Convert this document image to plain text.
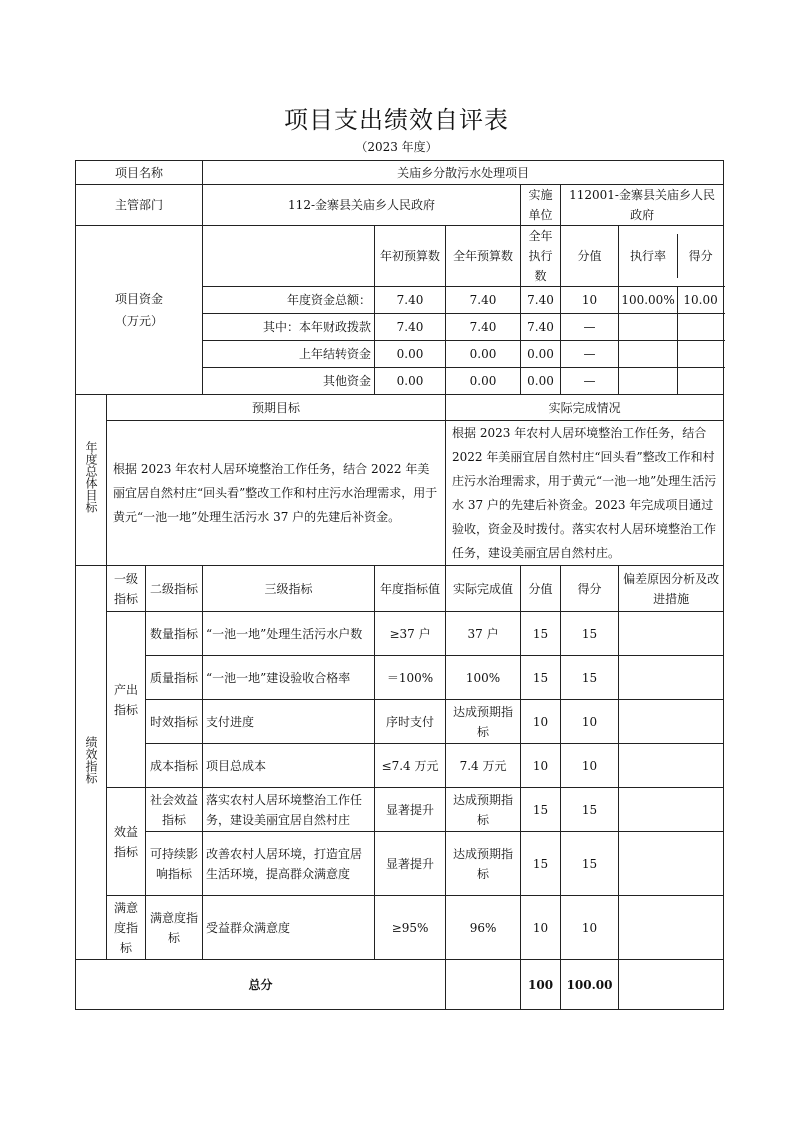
项目支出绩效自评表
（2023 年度）
项目名称			关庙乡分散污水处理项目					
主管部门			112-金寨县关庙乡人民政府			实施单位	112001-金寨县关庙乡人民政府	
项目资金
（万元）				年初预算数	全年预算数	全年执行数	分值	执行率 得分

			年度资金总额：	7.40	7.40	7.40	10	100.00% 10.00

			其中：本年财政拨款	7.40	7.40	7.40	—	

			上年结转资金	0.00	0.00	0.00	—	

			其他资金	0.00	0.00	0.00	—	

年度总体目标	预期目标				实际完成情况			
	根据 2023 年农村人居环境整治工作任务，结合 2022 年美丽宜居自然村庄“回头看”整改工作和村庄污水治理需求，用于黄元“一池一地”处理生活污水 37 户的先建后补资金。				根据 2023 年农村人居环境整治工作任务，结合 2022 年美丽宜居自然村庄“回头看”整改工作和村庄污水治理需求，用于黄元“一池一地”处理生活污水 37 户的先建后补资金。2023 年完成项目通过验收，资金及时拨付。落实农村人居环境整治工作任务，建设美丽宜居自然村庄。			
绩效指标	一级指标	二级指标	三级指标	年度指标值	实际完成值	分值	得分	偏差原因分析及改进措施
	产出指标	数量指标	“一池一地”处理生活污水户数	≥37 户	37 户	15	15	
		质量指标	“一池一地”建设验收合格率	＝100%	100%	15	15	
		时效指标	支付进度	序时支付	达成预期指标	10	10	
		成本指标	项目总成本	≤7.4 万元	7.4 万元	10	10	
	效益指标	社会效益指标	落实农村人居环境整治工作任务，建设美丽宜居自然村庄	显著提升	达成预期指标	15	15	
		可持续影响指标	改善农村人居环境，打造宜居生活环境，提高群众满意度	显著提升	达成预期指标	15	15	
	满意度指标	满意度指标	受益群众满意度	≥95%	96%	10	10	
总分						100	100.00	
